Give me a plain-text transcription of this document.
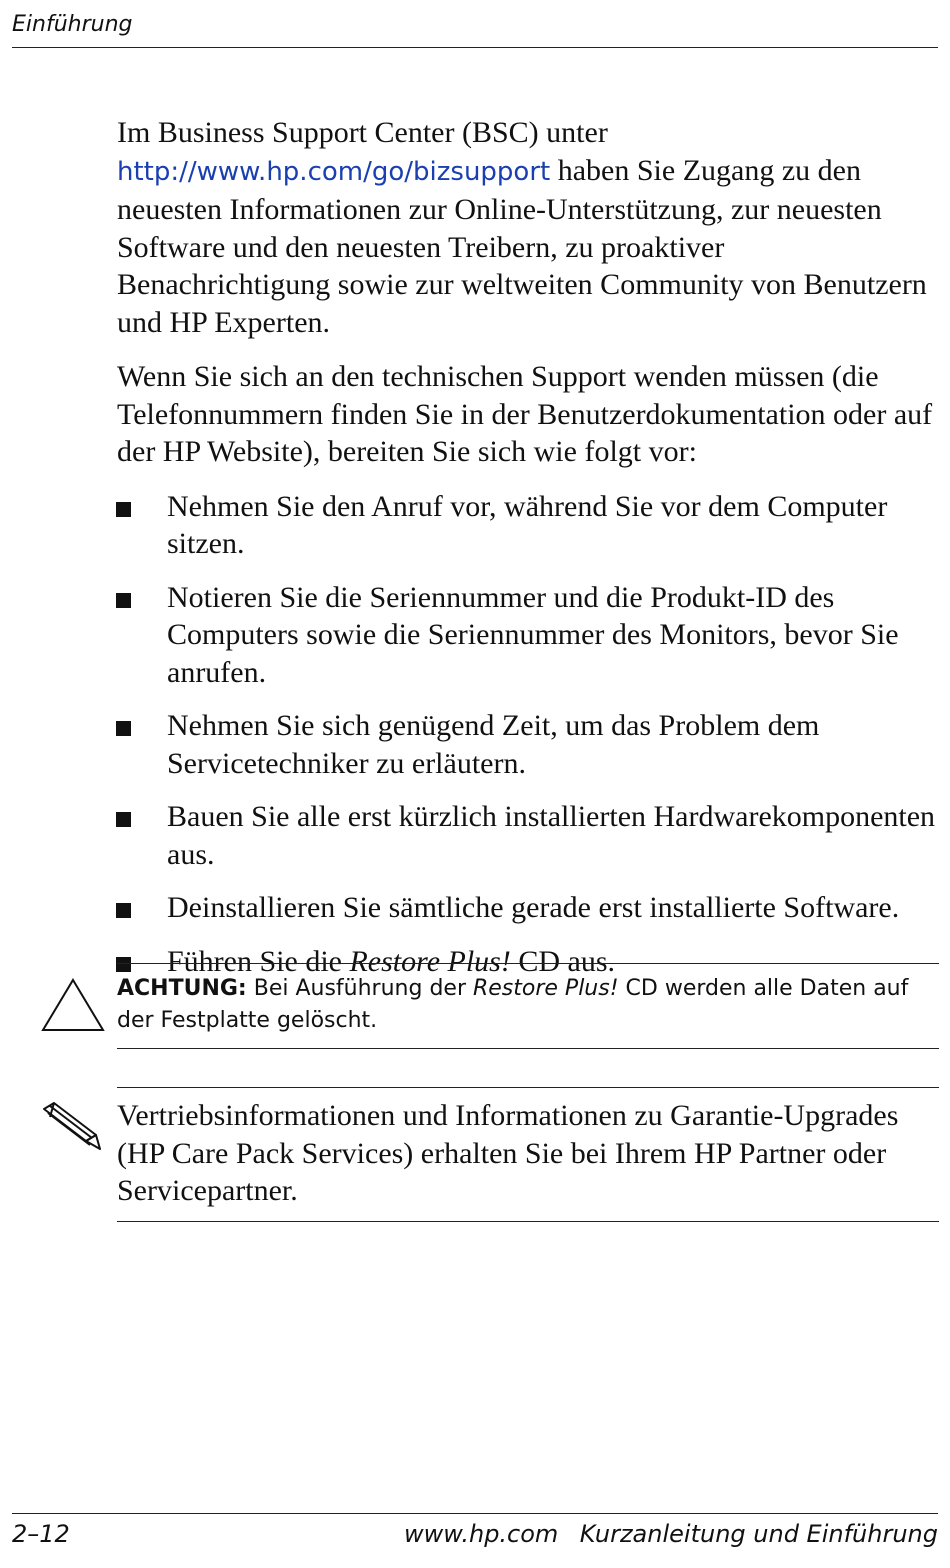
Einführung

Im Business Support Center (BSC) unter
http://www.hp.com/go/bizsupport haben Sie Zugang zu den neuesten Informationen zur Online-Unterstützung, zur neuesten Software und den neuesten Treibern, zu proaktiver Benachrichtigung sowie zur weltweiten Community von Benutzern und HP Experten.

Wenn Sie sich an den technischen Support wenden müssen (die Telefonnummern finden Sie in der Benutzerdokumentation oder auf der HP Website), bereiten Sie sich wie folgt vor:

Nehmen Sie den Anruf vor, während Sie vor dem Computer sitzen.
Notieren Sie die Seriennummer und die Produkt-ID des Computers sowie die Seriennummer des Monitors, bevor Sie anrufen.
Nehmen Sie sich genügend Zeit, um das Problem dem Servicetechniker zu erläutern.
Bauen Sie alle erst kürzlich installierten Hardwarekomponenten aus.
Deinstallieren Sie sämtliche gerade erst installierte Software.
Führen Sie die Restore Plus! CD aus.
ACHTUNG: Bei Ausführung der Restore Plus! CD werden alle Daten auf der Festplatte gelöscht.
Vertriebsinformationen und Informationen zu Garantie-Upgrades (HP Care Pack Services) erhalten Sie bei Ihrem HP Partner oder Servicepartner.
2–12	www.hp.com Kurzanleitung und Einführung
